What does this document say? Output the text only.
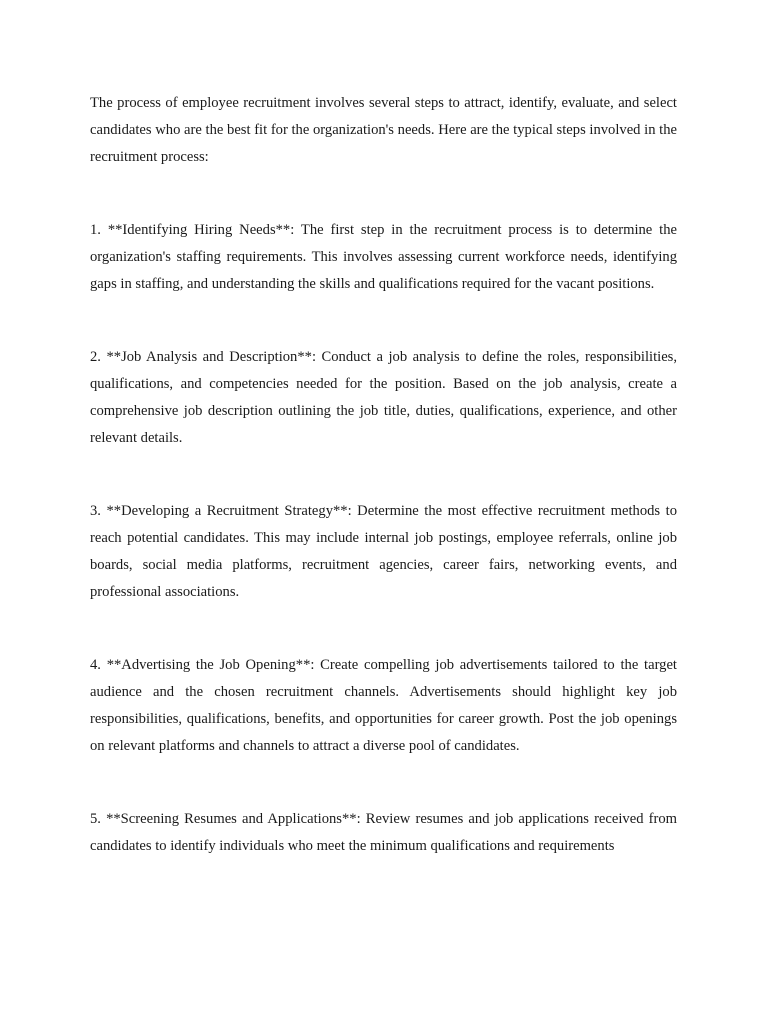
The process of employee recruitment involves several steps to attract, identify, evaluate, and select candidates who are the best fit for the organization's needs. Here are the typical steps involved in the recruitment process:

1. **Identifying Hiring Needs**: The first step in the recruitment process is to determine the organization's staffing requirements. This involves assessing current workforce needs, identifying gaps in staffing, and understanding the skills and qualifications required for the vacant positions.

2. **Job Analysis and Description**: Conduct a job analysis to define the roles, responsibilities, qualifications, and competencies needed for the position. Based on the job analysis, create a comprehensive job description outlining the job title, duties, qualifications, experience, and other relevant details.

3. **Developing a Recruitment Strategy**: Determine the most effective recruitment methods to reach potential candidates. This may include internal job postings, employee referrals, online job boards, social media platforms, recruitment agencies, career fairs, networking events, and professional associations.

4. **Advertising the Job Opening**: Create compelling job advertisements tailored to the target audience and the chosen recruitment channels. Advertisements should highlight key job responsibilities, qualifications, benefits, and opportunities for career growth. Post the job openings on relevant platforms and channels to attract a diverse pool of candidates.

5. **Screening Resumes and Applications**: Review resumes and job applications received from candidates to identify individuals who meet the minimum qualifications and requirements
